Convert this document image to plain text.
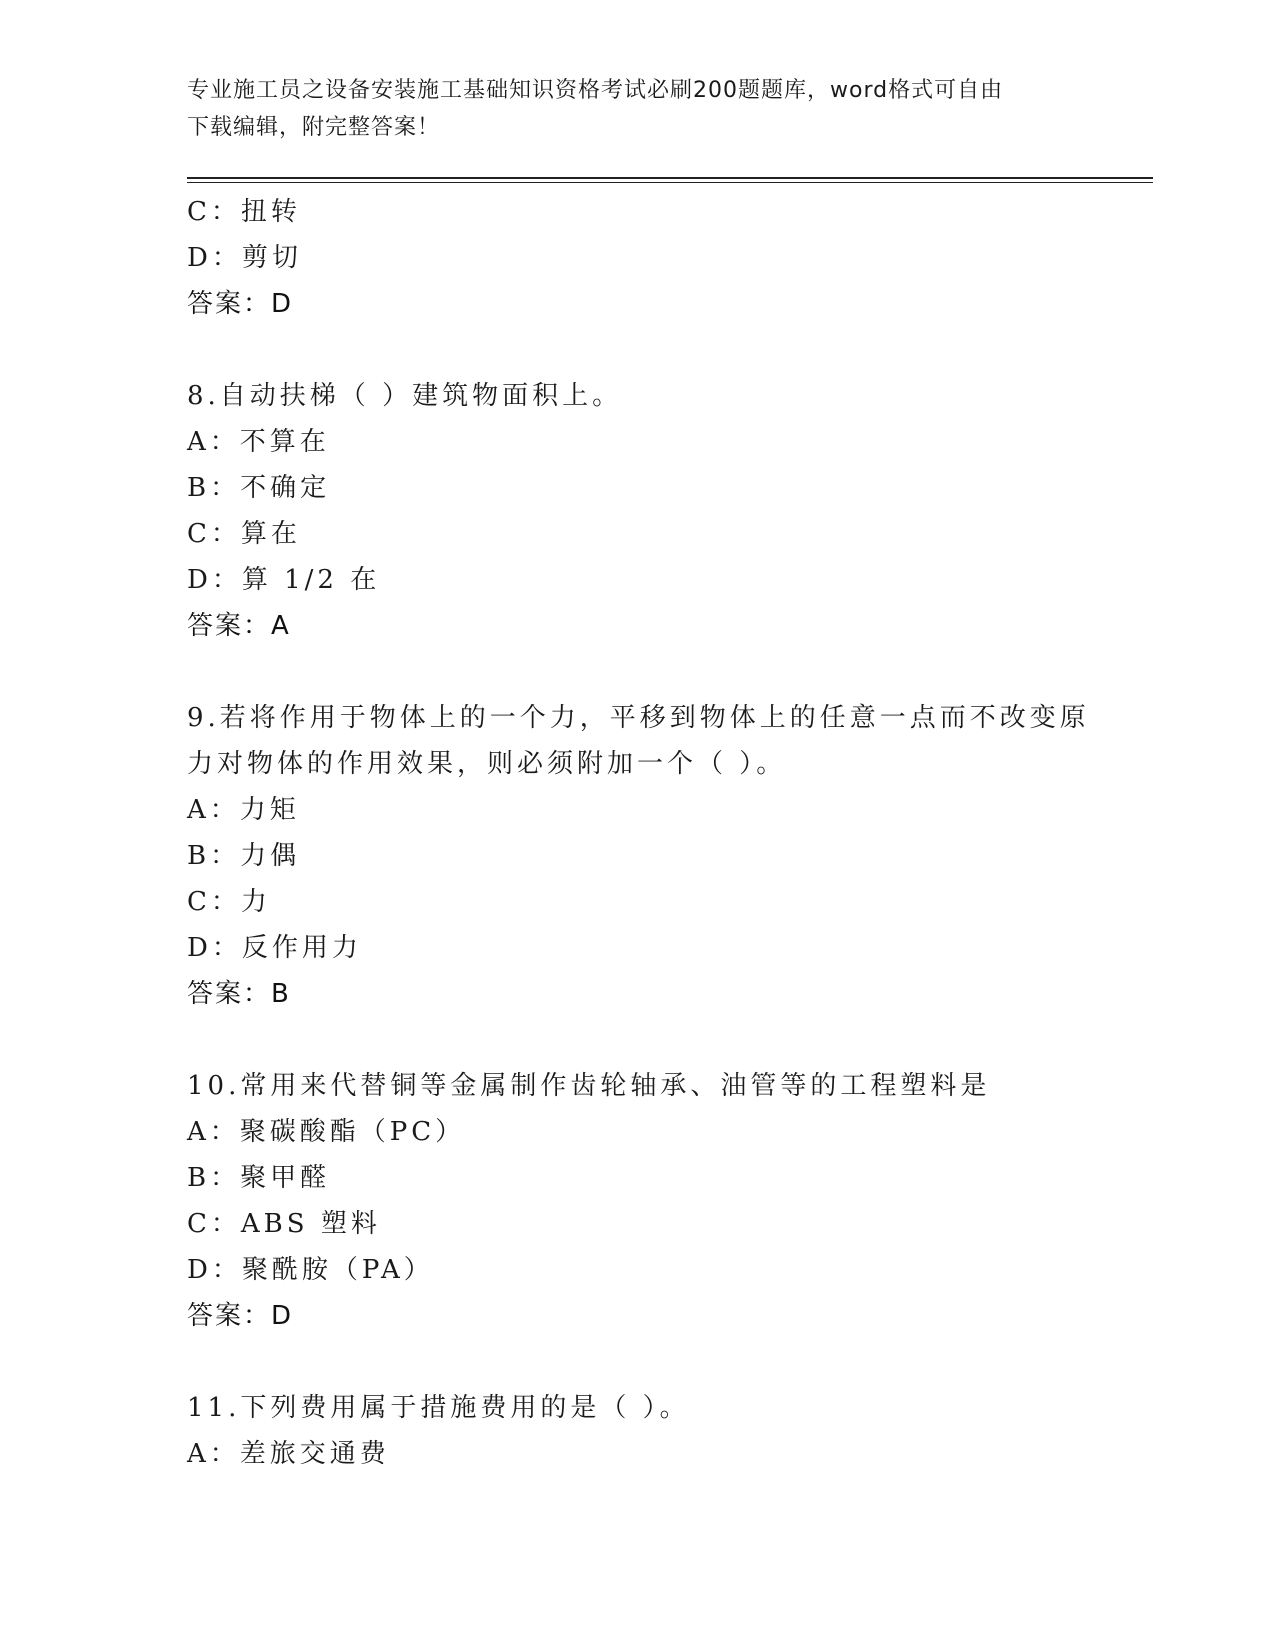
专业施工员之设备安装施工基础知识资格考试必刷200题题库，word格式可自由
下载编辑，附完整答案！
C：扭转
D：剪切
答案：D
8.自动扶梯（ ）建筑物面积上。
A：不算在
B：不确定
C：算在
D：算 1/2 在
答案：A
9.若将作用于物体上的一个力，平移到物体上的任意一点而不改变原
力对物体的作用效果，则必须附加一个（ ）。
A：力矩
B：力偶
C：力
D：反作用力
答案：B
10.常用来代替铜等金属制作齿轮轴承、油管等的工程塑料是
A：聚碳酸酯（PC）
B：聚甲醛
C：ABS 塑料
D：聚酰胺（PA）
答案：D
11.下列费用属于措施费用的是（ ）。
A：差旅交通费
